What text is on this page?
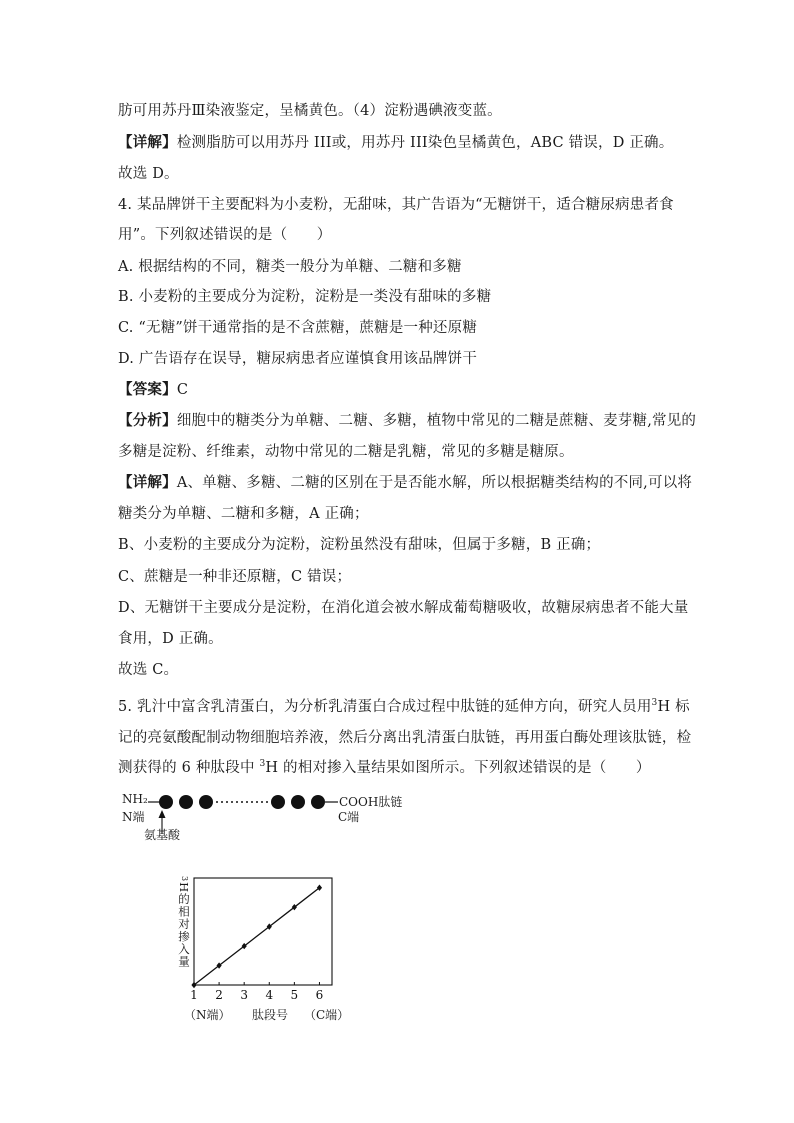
肪可用苏丹Ⅲ染液鉴定，呈橘黄色。（4）淀粉遇碘液变蓝。
【详解】检测脂肪可以用苏丹 III或，用苏丹 III染色呈橘黄色，ABC 错误，D 正确。
故选 D。
4. 某品牌饼干主要配料为小麦粉，无甜味，其广告语为“无糖饼干，适合糖尿病患者食
用”。下列叙述错误的是（　　）
A. 根据结构的不同，糖类一般分为单糖、二糖和多糖
B. 小麦粉的主要成分为淀粉，淀粉是一类没有甜味的多糖
C. “无糖”饼干通常指的是不含蔗糖，蔗糖是一种还原糖
D. 广告语存在误导，糖尿病患者应谨慎食用该品牌饼干
【答案】C
【分析】细胞中的糖类分为单糖、二糖、多糖，植物中常见的二糖是蔗糖、麦芽糖,常见的
多糖是淀粉、纤维素，动物中常见的二糖是乳糖，常见的多糖是糖原。
【详解】A、单糖、多糖、二糖的区别在于是否能水解，所以根据糖类结构的不同,可以将
糖类分为单糖、二糖和多糖，A 正确；
B、小麦粉的主要成分为淀粉，淀粉虽然没有甜味，但属于多糖，B 正确；
C、蔗糖是一种非还原糖，C 错误；
D、无糖饼干主要成分是淀粉，在消化道会被水解成葡萄糖吸收，故糖尿病患者不能大量
食用，D 正确。
故选 C。
5. 乳汁中富含乳清蛋白，为分析乳清蛋白合成过程中肽链的延伸方向，研究人员用$^3$H 标
记的亮氨酸配制动物细胞培养液，然后分离出乳清蛋白肽链，再用蛋白酶处理该肽链，检
测获得的 6 种肽段中 $^3$H 的相对掺入量结果如图所示。下列叙述错误的是（　　）
NH₂	COOH肽链
N端	C端
氨基酸
3H的相对掺入量
1 2 3 4 5 6
（N端） 肽段号 （C端）
